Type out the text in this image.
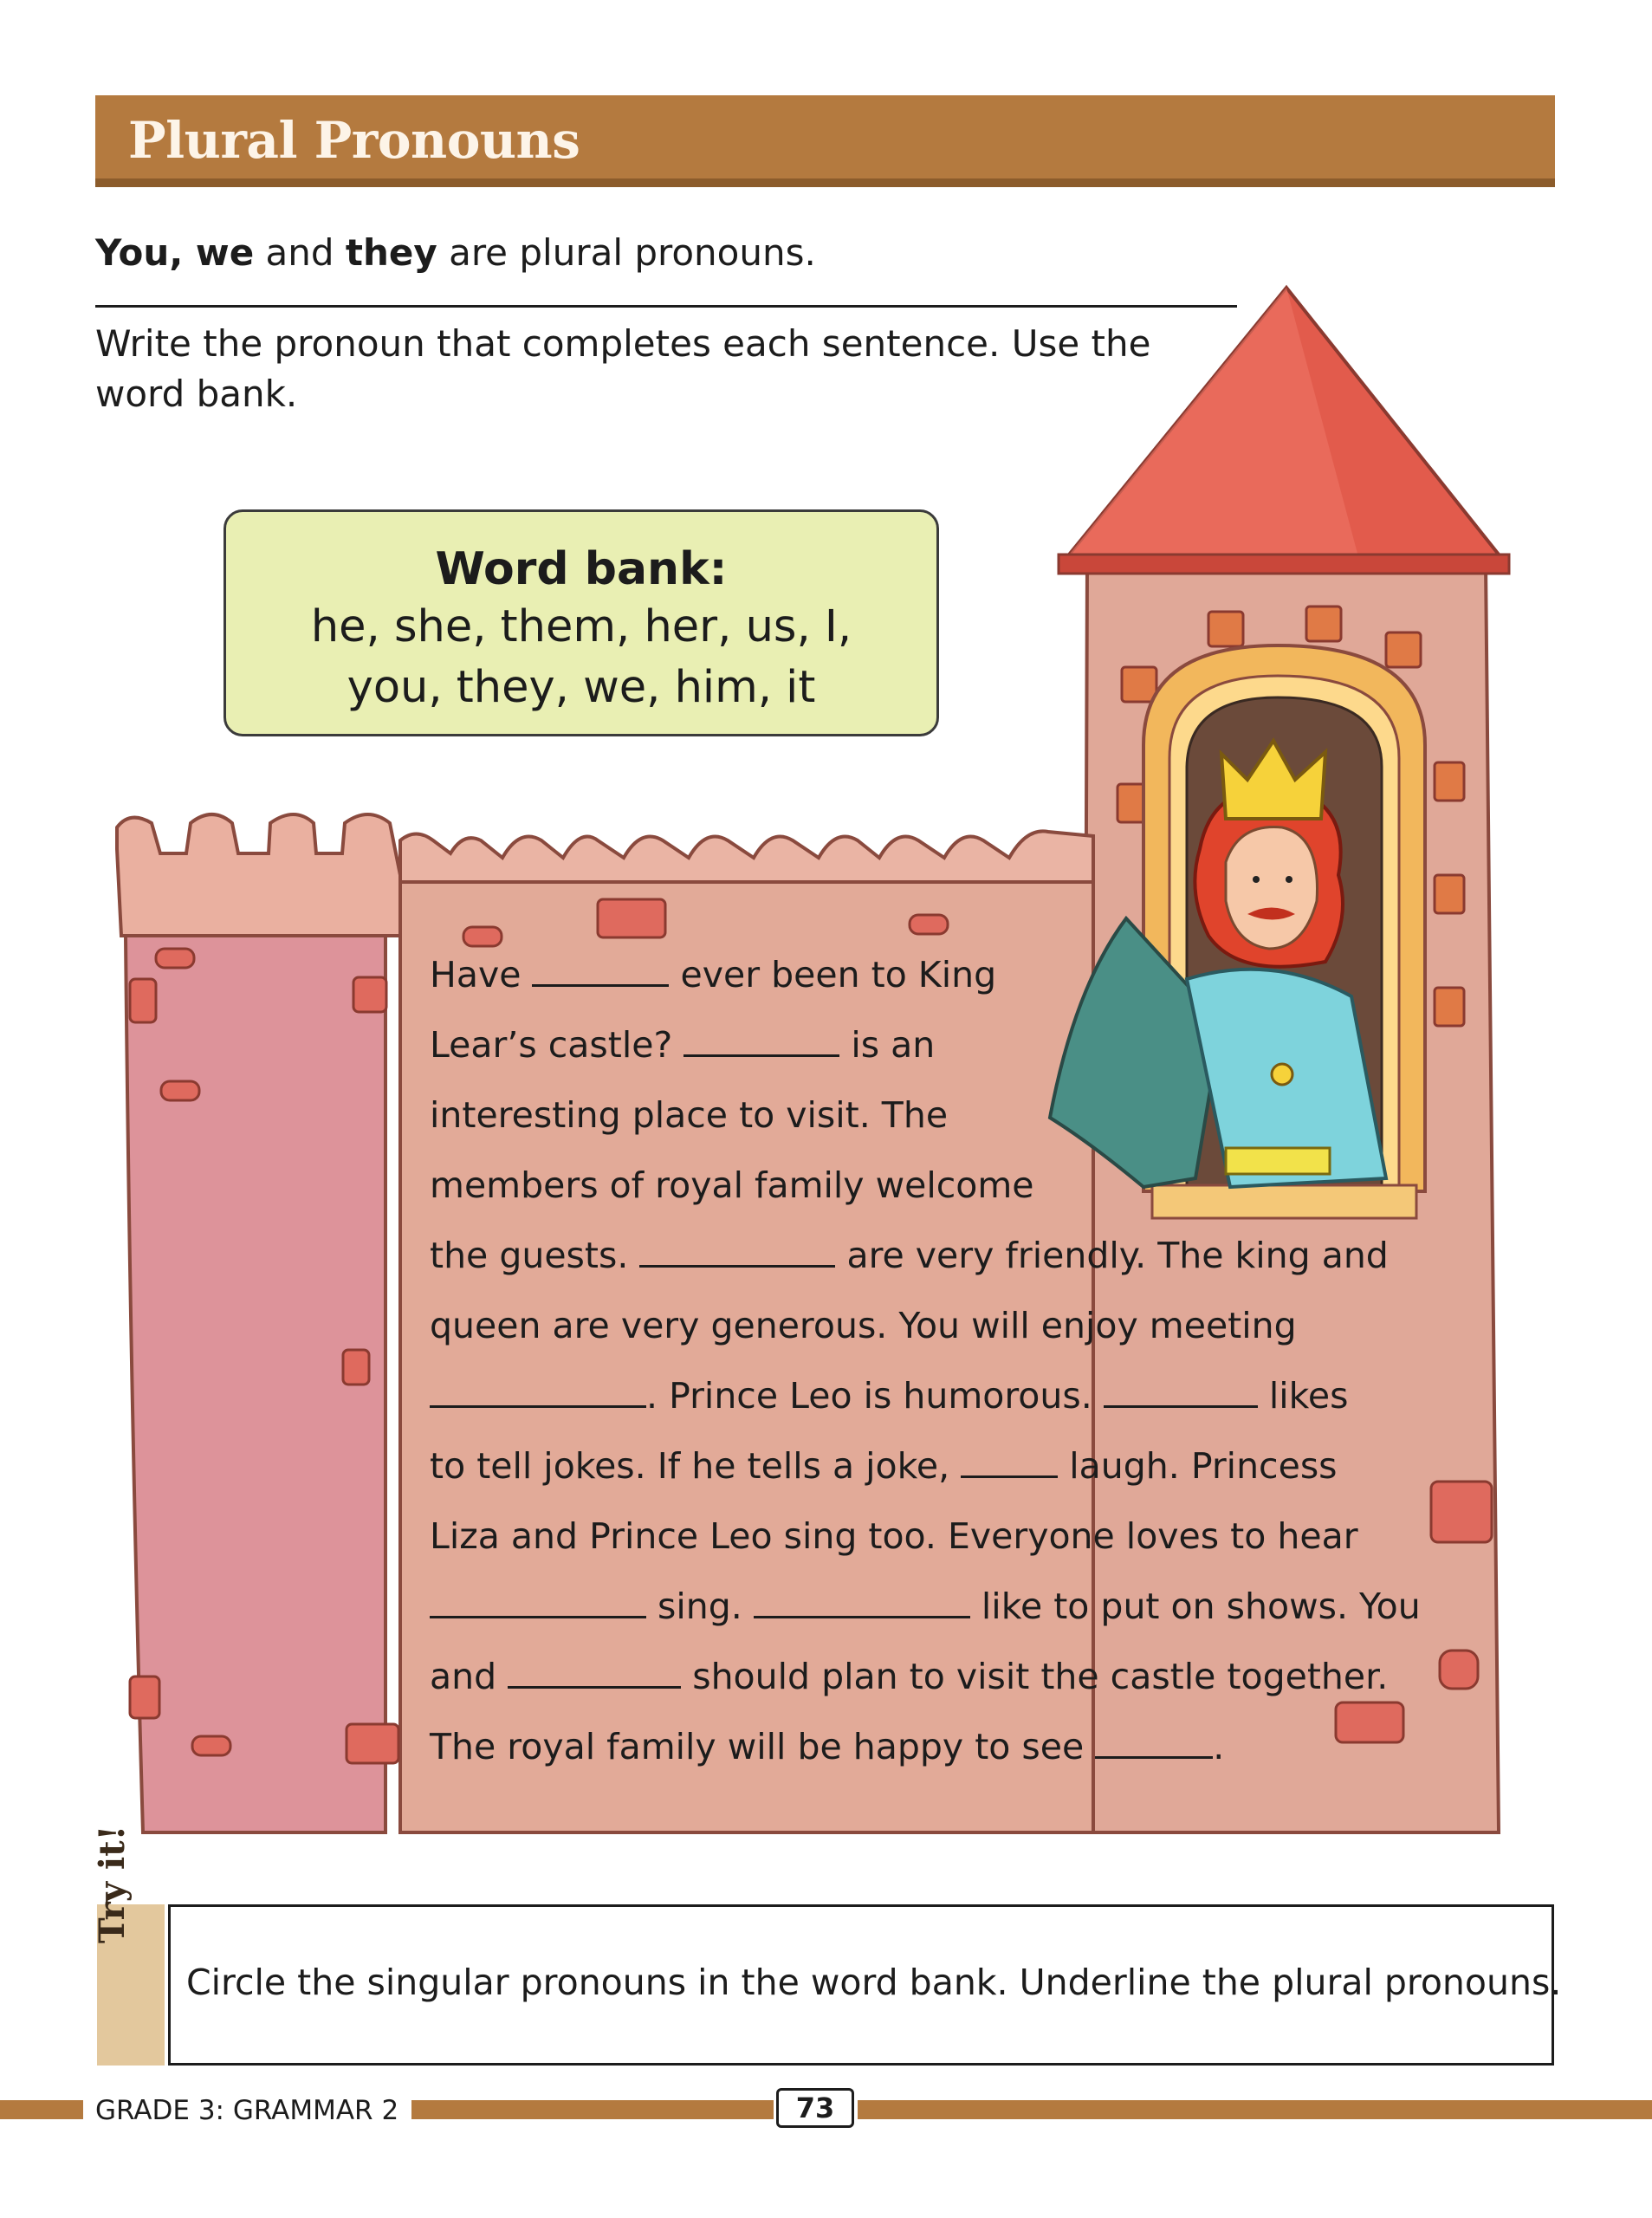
Plural Pronouns
You, we and they are plural pronouns.
Write the pronoun that completes each sentence. Use the word bank.
Word bank:
he, she, them, her, us, I,
you, they, we, him, it
Have	ever been to King
Lear’s castle?	is an
interesting place to visit. The
members of royal family welcome
the guests.	are very friendly. The king and
queen are very generous. You will enjoy meeting
. Prince Leo is humorous.	likes
to tell jokes. If he tells a joke,	laugh. Princess
Liza and Prince Leo sing too. Everyone loves to hear
sing.	like to put on shows. You
and	should plan to visit the castle together.
The royal family will be happy to see	.
Try it!
Circle the singular pronouns in the word bank. Underline the plural pronouns.
GRADE 3: GRAMMAR 2	73
